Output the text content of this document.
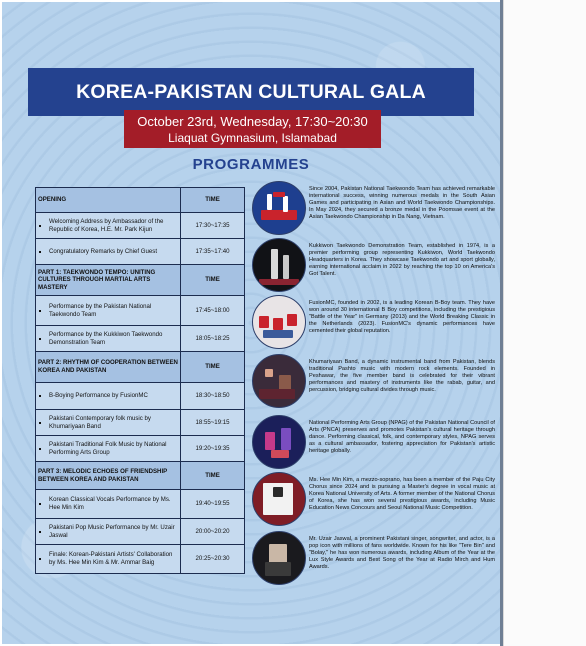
KOREA-PAKISTAN CULTURAL GALA
October 23rd, Wednesday, 17:30~20:30
Liaquat Gymnasium, Islamabad
PROGRAMMES
OPENING	TIME

Welcoming Address by Ambassador of the Republic of Korea, H.E. Mr. Park Kijun	17:30~17:35

Congratulatory Remarks by Chief Guest	17:35~17:40
PART 1: TAEKWONDO TEMPO: UNITING CULTURES THROUGH MARTIAL ARTS MASTERY	TIME

Performance by the Pakistan National Taekwondo Team	17:45~18:00

Performance by the Kukkiwon Taekwondo Demonstration Team	18:05~18:25
PART 2: RHYTHM OF COOPERATION BETWEEN KOREA AND PAKISTAN	TIME

B-Boying Performance by FusionMC	18:30~18:50

Pakistani Contemporary folk music by Khumariyaan Band	18:55~19:15

Pakistani Traditional Folk Music by National Performing Arts Group	19:20~19:35
PART 3: MELODIC ECHOES OF FRIENDSHIP BETWEEN KOREA AND PAKISTAN	TIME

Korean Classical Vocals Performance by Ms. Hee Min Kim	19:40~19:55

Pakistani Pop Music Performance by Mr. Uzair Jaswal	20:00~20:20

Finale: Korean-Pakistani Artists' Collaboration by Ms. Hee Min Kim & Mr. Ammar Baig	20:25~20:30
Since 2004, Pakistan National Taekwondo Team has achieved remarkable international success, winning numerous medals in the South Asian Games and participating in Asian and World Taekwondo Championships. In May 2024, they secured a bronze medal in the Poomsae event at the Asian Taekwondo Championship in Da Nang, Vietnam.
Kukkiwon Taekwondo Demonstration Team, established in 1974, is a premier performing group representing Kukkiwon, World Taekwondo Headquarters in Korea. They showcase Taekwondo art and sport globally, earning international acclaim in 2022 by reaching the top 10 on America's Got Talent.
FusionMC, founded in 2002, is a leading Korean B-Boy team. They have won around 30 international B Boy competitions, including the prestigious "Battle of the Year" in Germany (2013) and the World Breaking Classic in the Netherlands (2023). FusionMC's dynamic performances have cemented their global reputation.
Khumariyaan Band, a dynamic instrumental band from Pakistan, blends traditional Pashto music with modern rock elements. Founded in Peshawar, the five member band is celebrated for their vibrant performances and mastery of instruments like the rabab, guitar, and percussion, bridging cultural divides through music.
National Performing Arts Group (NPAG) of the Pakistan National Council of Arts (PNCA) preserves and promotes Pakistan's cultural heritage through dance. Performing classical, folk, and contemporary styles, NPAG serves as a cultural ambassador, fostering appreciation for Pakistan's artistic heritage globally.
Ms. Hee Min Kim, a mezzo-soprano, has been a member of the Paju City Chorus since 2024 and is pursuing a Master's degree in vocal music at Korea National University of Arts. A former member of the National Chorus of Korea, she has won several prestigious awards, including Music Education News Concours and Seoul National Music Competition.
Mr. Uzair Jaswal, a prominent Pakistani singer, songwriter, and actor, is a pop icon with millions of fans worldwide. Known for his like "Tere Bin" and "Bolay," he has won numerous awards, including Album of the Year at the Lux Style Awards and Best Song of the Year at Radio Mirch and Hum Awards.
